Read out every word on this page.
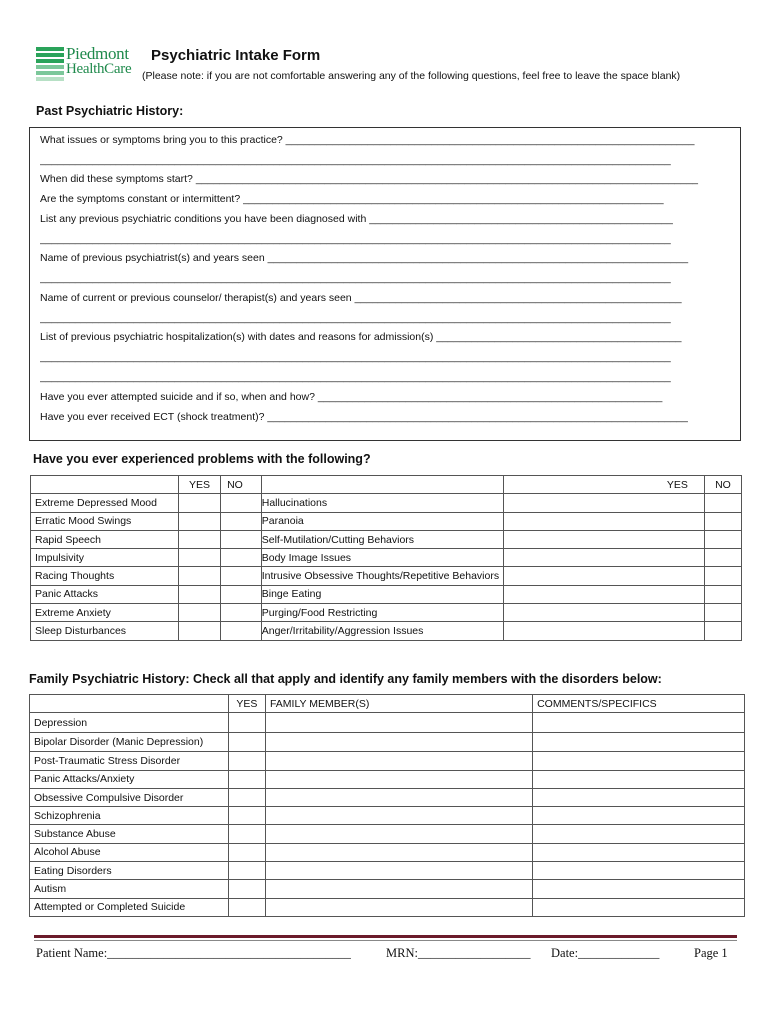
Piedmont
HealthCare
Psychiatric Intake Form
(Please note: if you are not comfortable answering any of the following questions, feel free to leave the space blank)
Past Psychiatric History:
What issues or symptoms bring you to this practice? ______________________________________________________________________
____________________________________________________________________________________________________________
When did these symptoms start? ______________________________________________________________________________________
Are the symptoms constant or intermittent? ________________________________________________________________________
List any previous psychiatric conditions you have been diagnosed with ____________________________________________________
____________________________________________________________________________________________________________
Name of previous psychiatrist(s) and years seen ________________________________________________________________________
____________________________________________________________________________________________________________
Name of current or previous counselor/ therapist(s) and years seen ________________________________________________________
____________________________________________________________________________________________________________
List of previous psychiatric hospitalization(s) with dates and reasons for admission(s) __________________________________________
____________________________________________________________________________________________________________
____________________________________________________________________________________________________________
Have you ever attempted suicide and if so, when and how? ___________________________________________________________
Have you ever received ECT (shock treatment)? ________________________________________________________________________
Have you ever experienced problems with the following?
	YES	NO		YES	NO
Extreme Depressed Mood			Hallucinations		
Erratic Mood Swings			Paranoia		
Rapid Speech			Self-Mutilation/Cutting Behaviors		
Impulsivity			Body Image Issues		
Racing Thoughts			Intrusive Obsessive Thoughts/Repetitive Behaviors		
Panic Attacks			Binge Eating		
Extreme Anxiety			Purging/Food Restricting		
Sleep Disturbances			Anger/Irritability/Aggression Issues		
Family Psychiatric History: Check all that apply and identify any family members with the disorders below:
	YES	FAMILY MEMBER(S)	COMMENTS/SPECIFICS
Depression			
Bipolar Disorder (Manic Depression)			
Post-Traumatic Stress Disorder			
Panic Attacks/Anxiety			
Obsessive Compulsive Disorder			
Schizophrenia			
Substance Abuse			
Alcohol Abuse			
Eating Disorders			
Autism			
Attempted or Completed Suicide			
Patient Name:_______________________________________	MRN:__________________ Date:_____________	Page 1
